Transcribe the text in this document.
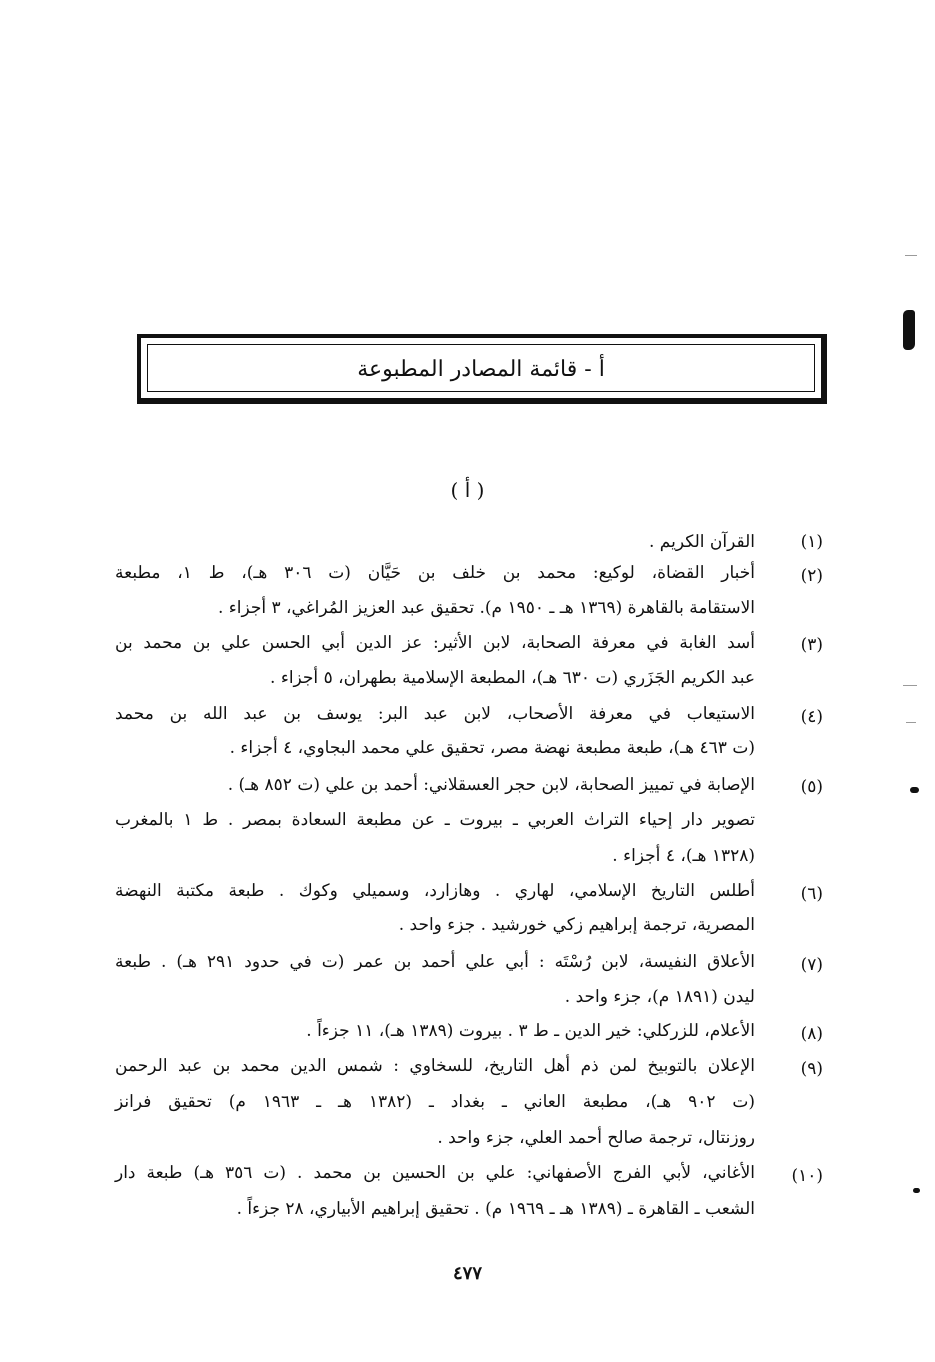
أ - قائمة المصادر المطبوعة
( أ )
(١)
القرآن الكريم .
(٢)
أخبار القضاة، لوكيع: محمد بن خلف بن حَيَّان (ت ٣٠٦ هـ)، ط ١، مطبعة
الاستقامة بالقاهرة (١٣٦٩ هـ ـ ١٩٥٠ م). تحقيق عبد العزيز المُراغي، ٣ أجزاء .
(٣)
أسد الغابة في معرفة الصحابة، لابن الأثير: عز الدين أبي الحسن علي بن محمد بن
عبد الكريم الجَزَري (ت ٦٣٠ هـ)، المطبعة الإسلامية بطهران، ٥ أجزاء .
(٤)
الاستيعاب في معرفة الأصحاب، لابن عبد البر: يوسف بن عبد الله بن محمد
(ت ٤٦٣ هـ)، طبعة مطبعة نهضة مصر، تحقيق علي محمد البجاوي، ٤ أجزاء .
(٥)
الإصابة في تمييز الصحابة، لابن حجر العسقلاني: أحمد بن علي (ت ٨٥٢ هـ) .
تصوير دار إحياء التراث العربي ـ بيروت ـ عن مطبعة السعادة بمصر . ط ١ بالمغرب
(١٣٢٨ هـ)، ٤ أجزاء .
(٦)
أطلس التاريخ الإسلامي، لهاري . وهازارد، وسميلي وكوك . طبعة مكتبة النهضة
المصرية، ترجمة إبراهيم زكي خورشيد . جزء واحد .
(٧)
الأعلاق النفيسة، لابن رُسْتَه : أبي علي أحمد بن عمر (ت في حدود ٢٩١ هـ) . طبعة
ليدن (١٨٩١ م)، جزء واحد .
(٨)
الأعلام، للزركلي: خير الدين ـ ط ٣ . بيروت (١٣٨٩ هـ)، ١١ جزءاً .
(٩)
الإعلان بالتوبيخ لمن ذم أهل التاريخ، للسخاوي : شمس الدين محمد بن عبد الرحمن
(ت ٩٠٢ هـ)، مطبعة العاني ـ بغداد ـ (١٣٨٢ هـ ـ ١٩٦٣ م) تحقيق فرانز
روزنتال، ترجمة صالح أحمد العلي، جزء واحد .
(١٠)
الأغاني، لأبي الفرج الأصفهاني: علي بن الحسين بن محمد . (ت ٣٥٦ هـ) طبعة دار
الشعب ـ القاهرة ـ (١٣٨٩ هـ ـ ١٩٦٩ م) . تحقيق إبراهيم الأبياري، ٢٨ جزءاً .
٤٧٧
